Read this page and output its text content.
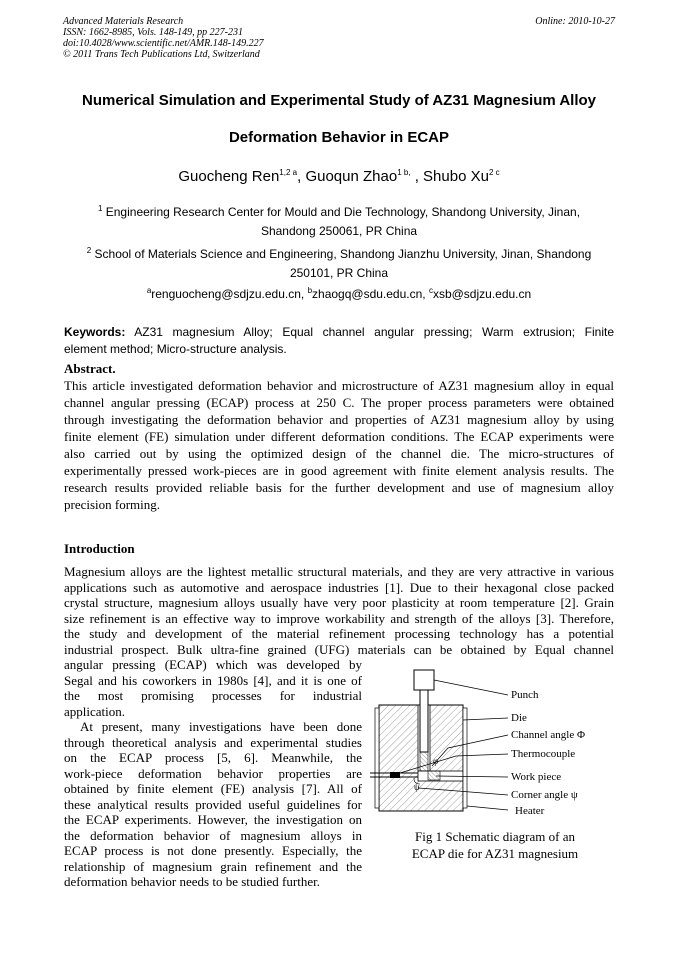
Advanced Materials Research
ISSN: 1662-8985, Vols. 148-149, pp 227-231
doi:10.4028/www.scientific.net/AMR.148-149.227
© 2011 Trans Tech Publications Ltd, Switzerland
Online: 2010-10-27
Numerical Simulation and Experimental Study of AZ31 Magnesium Alloy
Deformation Behavior in ECAP
Guocheng Ren$^{1,2 a}$, Guoqun Zhao$^{1 b,}$ , Shubo $Xu^{2 c}$
$^1$ Engineering Research Center for Mould and Die Technology, Shandong University, Jinan,
Shandong 250061, PR China
$^2$ School of Materials Science and Engineering, Shandong Jianzhu University, Jinan, Shandong
250101, PR China
$^a$renguocheng@sdjzu.edu.cn, $^b$zhaogq@sdu.edu.cn, $^c$xsb@sdjzu.edu.cn
Keywords: AZ31 magnesium Alloy; Equal channel angular pressing; Warm extrusion; Finite
element method; Micro-structure analysis.
Abstract.
This article investigated deformation behavior and microstructure of AZ31 magnesium alloy in equal
channel angular pressing (ECAP) process at 250 C. The proper process parameters were obtained
through investigating the deformation behavior and properties of AZ31 magnesium alloy by using
finite element (FE) simulation under different deformation conditions. The ECAP experiments were
also carried out by using the optimized design of the channel die. The micro-structures of
experimentally pressed work-pieces are in good agreement with finite element analysis results. The
research results provided reliable basis for the further development and use of magnesium alloy
precision forming.
Introduction
Magnesium alloys are the lightest metallic structural materials, and they are very attractive in various
applications such as automotive and aerospace industries [1]. Due to their hexagonal close packed
crystal structure, magnesium alloys usually have very poor plasticity at room temperature [2]. Grain
size refinement is an effective way to improve workability and strength of the alloys [3]. Therefore,
the study and development of the material refinement processing technology has a potential
industrial prospect. Bulk ultra-fine grained (UFG) materials can be obtained by Equal channel
angular pressing (ECAP) which was developed by
Segal and his coworkers in 1980s [4], and it is one of
the most promising processes for industrial
application.
At present, many investigations have been done
through theoretical analysis and experimental studies
on the ECAP process [5, 6]. Meanwhile, the
work-piece deformation behavior properties are
obtained by finite element (FE) analysis [7]. All of
these analytical results provided useful guidelines for
the ECAP experiments. However, the investigation on
the deformation behavior of magnesium alloys in
ECAP process is not done presently. Especially, the
relationship of magnesium grain refinement and the
deformation behavior needs to be studied further.
φ
ψ
Punch
Die
Channel angle Φ
Thermocouple
Work piece
Corner angle ψ
Heater
Fig 1 Schematic diagram of an
ECAP die for AZ31 magnesium
